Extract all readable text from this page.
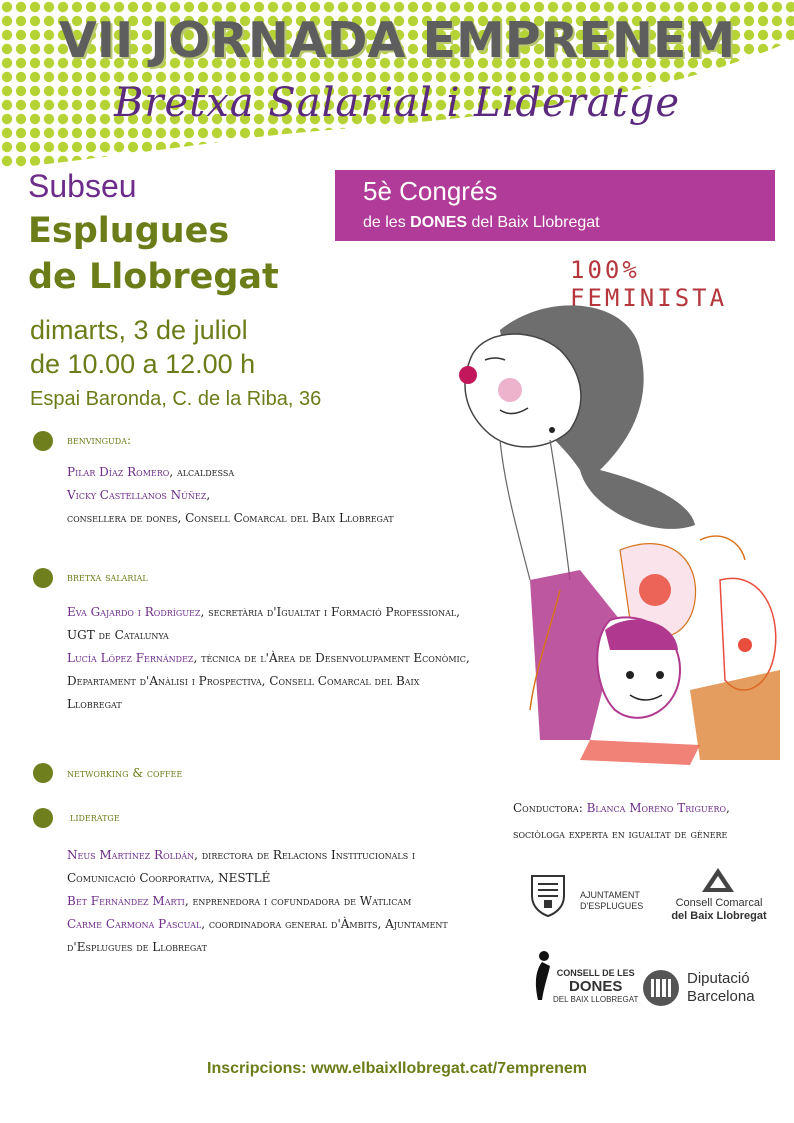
VII JORNADA EMPRENEM
Bretxa Salarial i Lideratge
Subseu
Esplugues
de Llobregat
dimarts, 3 de juliol
de 10.00 a 12.00 h
Espai Baronda, C. de la Riba, 36
5è Congrés
de les DONES del Baix Llobregat
100% FEMINISTA
benvinguda:
Pilar Díaz Romero, alcaldessa
Vicky Castellanos Núñez,
consellera de dones, Consell Comarcal del Baix Llobregat
bretxa salarial
Eva Gajardo i Rodríguez, secretària d'Igualtat i Formació Professional,
UGT de Catalunya
Lucía López Fernández, tècnica de l'Àrea de Desenvolupament Econòmic,
Departament d'Anàlisi i Prospectiva, Consell Comarcal del Baix
Llobregat
networking & coffee
lideratge
Neus Martínez Roldán, directora de Relacions Institucionals i
Comunicació Coorporativa, NESTLÉ
Bet Fernández Marti, enprenedora i cofundadora de Watlicam
Carme Carmona Pascual, coordinadora general d'Àmbits, Ajuntament
d'Esplugues de Llobregat
Conductora: Blanca Moreno Triguero,
sociòloga experta en igualtat de gènere
AJUNTAMENT
D'ESPLUGUES	Consell Comarcal
del Baix Llobregat
CONSELL DE LES
DONES
DEL BAIX LLOBREGAT
Diputació
Barcelona
Inscripcions: www.elbaixllobregat.cat/7emprenem
